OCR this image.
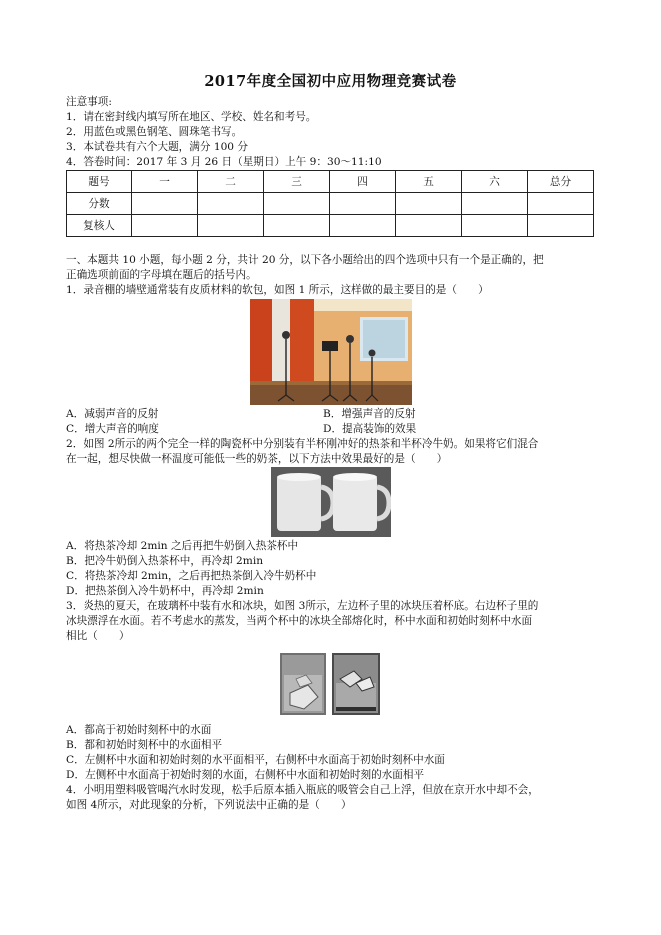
2017年度全国初中应用物理竞赛试卷
注意事项:
1．请在密封线内填写所在地区、学校、姓名和考号。
2．用蓝色或黑色钢笔、圆珠笔书写。
3．本试卷共有六个大题，满分 100 分
4．答卷时间：2017 年 3 月 26 日（星期日）上午 9：30～11:10
题号	一	二	三	四	五	六	总分
分数							
复核人							
一、本题共 10 小题，每小题 2 分，共计 20 分，以下各小题给出的四个选项中只有一个是正确的，把
正确选项前面的字母填在题后的括号内。
1．录音棚的墙壁通常装有皮质材料的软包，如图 1 所示，这样做的最主要目的是（　　）
A．减弱声音的反射	B．增强声音的反射
C．增大声音的响度	D．提高装饰的效果
2．如图 2所示的两个完全一样的陶瓷杯中分别装有半杯刚冲好的热茶和半杯冷牛奶。如果将它们混合
在一起，想尽快做一杯温度可能低一些的奶茶，以下方法中效果最好的是（　　）
A．将热茶冷却 2min 之后再把牛奶倒入热茶杯中
B．把冷牛奶倒入热茶杯中，再冷却 2min
C．将热茶冷却 2min，之后再把热茶倒入冷牛奶杯中
D．把热茶倒入冷牛奶杯中，再冷却 2min
3．炎热的夏天，在玻璃杯中装有水和冰块，如图 3所示，左边杯子里的冰块压着杯底。右边杯子里的
冰块漂浮在水面。若不考虑水的蒸发，当两个杯中的冰块全部熔化时，杯中水面和初始时刻杯中水面
相比（　　）
A．都高于初始时刻杯中的水面
B．都和初始时刻杯中的水面相平
C．左侧杯中水面和初始时刻的水平面相平，右侧杯中水面高于初始时刻杯中水面
D．左侧杯中水面高于初始时刻的水面，右侧杯中水面和初始时刻的水面相平
4．小明用塑料吸管喝汽水时发现，松手后原本插入瓶底的吸管会自己上浮，但放在京开水中却不会，
如图 4所示，对此现象的分析，下列说法中正确的是（　　）
